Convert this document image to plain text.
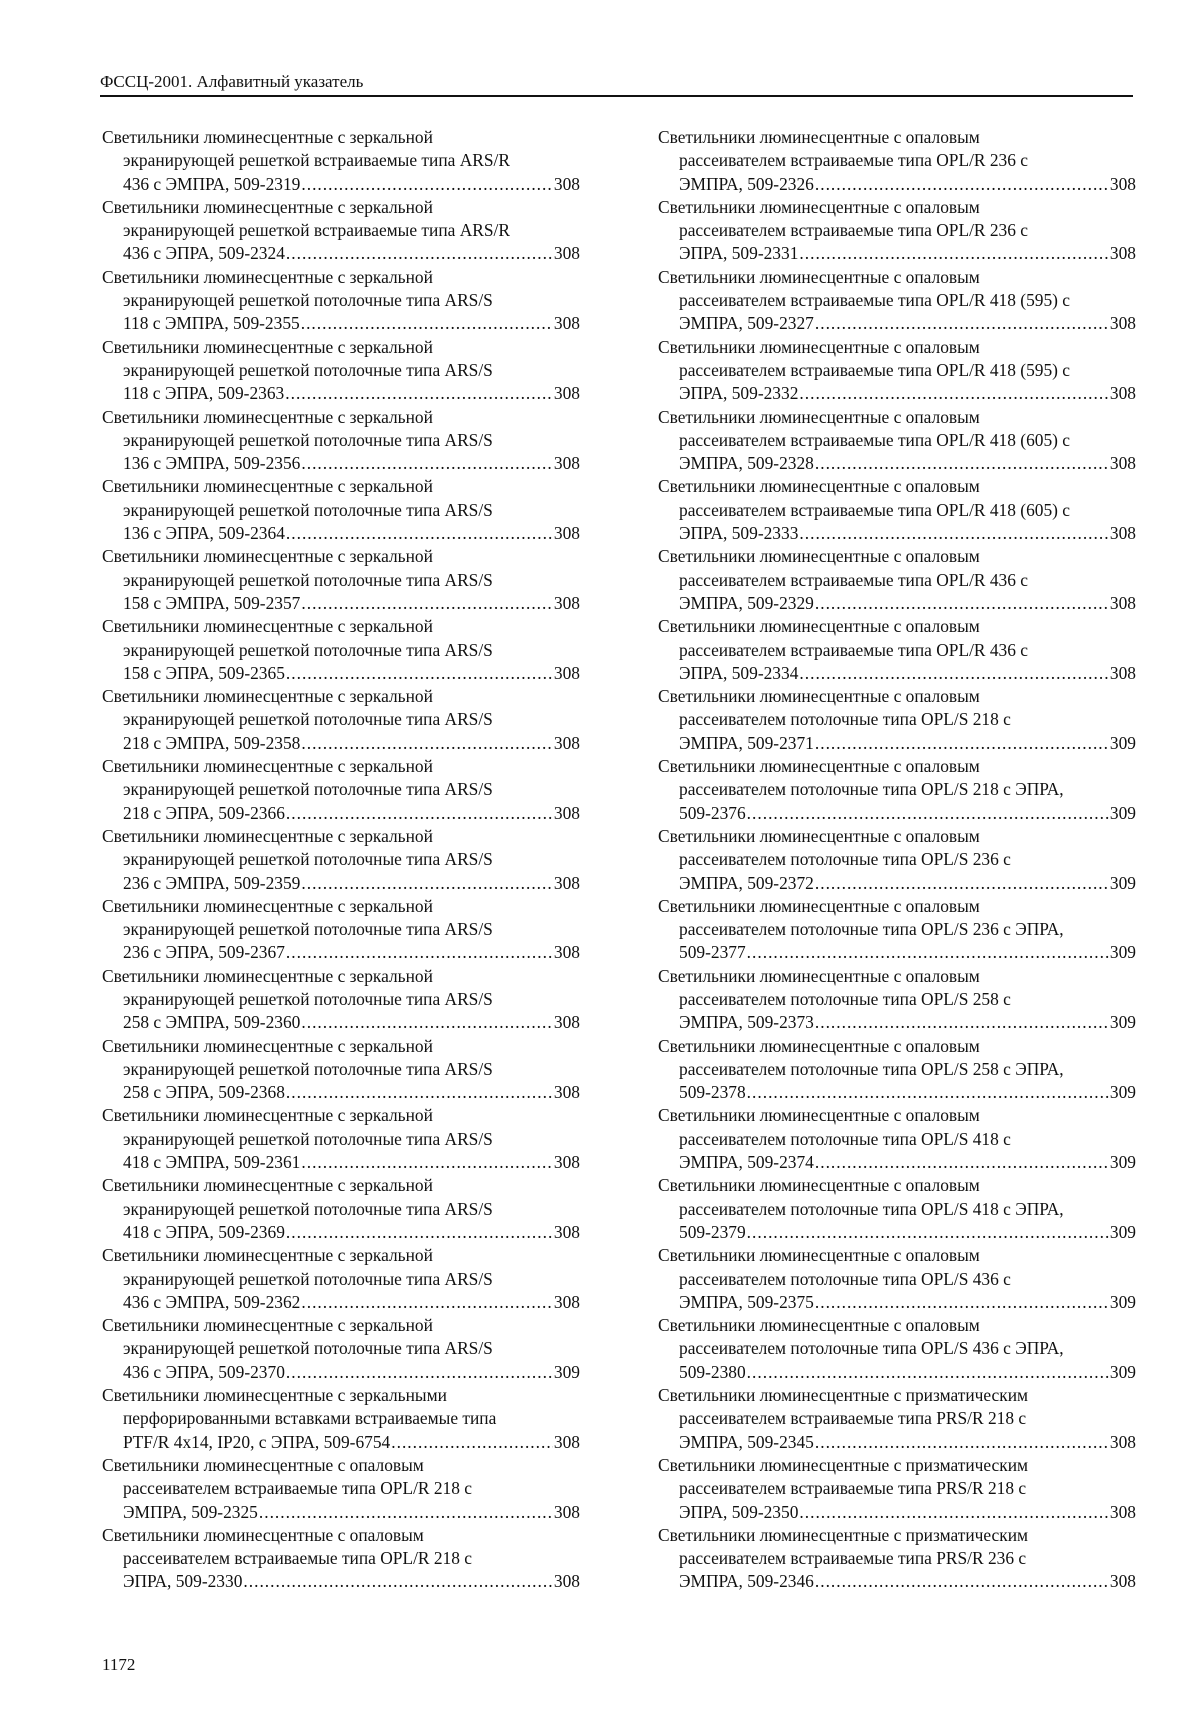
ФССЦ-2001. Алфавитный указатель
Светильники люминесцентные с зеркальной
экранирующей решеткой встраиваемые типа ARS/R
436 с ЭМПРА, 509-2319 .....	308
Светильники люминесцентные с зеркальной
экранирующей решеткой встраиваемые типа ARS/R
436 с ЭПРА, 509-2324 .....	308
Светильники люминесцентные с зеркальной
экранирующей решеткой потолочные типа ARS/S
118 с ЭМПРА, 509-2355 .....	308
Светильники люминесцентные с зеркальной
экранирующей решеткой потолочные типа ARS/S
118 с ЭПРА, 509-2363 .....	308
Светильники люминесцентные с зеркальной
экранирующей решеткой потолочные типа ARS/S
136 с ЭМПРА, 509-2356 .....	308
Светильники люминесцентные с зеркальной
экранирующей решеткой потолочные типа ARS/S
136 с ЭПРА, 509-2364 .....	308
Светильники люминесцентные с зеркальной
экранирующей решеткой потолочные типа ARS/S
158 с ЭМПРА, 509-2357 .....	308
Светильники люминесцентные с зеркальной
экранирующей решеткой потолочные типа ARS/S
158 с ЭПРА, 509-2365 .....	308
Светильники люминесцентные с зеркальной
экранирующей решеткой потолочные типа ARS/S
218 с ЭМПРА, 509-2358 .....	308
Светильники люминесцентные с зеркальной
экранирующей решеткой потолочные типа ARS/S
218 с ЭПРА, 509-2366 .....	308
Светильники люминесцентные с зеркальной
экранирующей решеткой потолочные типа ARS/S
236 с ЭМПРА, 509-2359 .....	308
Светильники люминесцентные с зеркальной
экранирующей решеткой потолочные типа ARS/S
236 с ЭПРА, 509-2367 .....	308
Светильники люминесцентные с зеркальной
экранирующей решеткой потолочные типа ARS/S
258 с ЭМПРА, 509-2360 .....	308
Светильники люминесцентные с зеркальной
экранирующей решеткой потолочные типа ARS/S
258 с ЭПРА, 509-2368 .....	308
Светильники люминесцентные с зеркальной
экранирующей решеткой потолочные типа ARS/S
418 с ЭМПРА, 509-2361 .....	308
Светильники люминесцентные с зеркальной
экранирующей решеткой потолочные типа ARS/S
418 с ЭПРА, 509-2369 .....	308
Светильники люминесцентные с зеркальной
экранирующей решеткой потолочные типа ARS/S
436 с ЭМПРА, 509-2362 .....	308
Светильники люминесцентные с зеркальной
экранирующей решеткой потолочные типа ARS/S
436 с ЭПРА, 509-2370 .....	309
Светильники люминесцентные с зеркальными
перфорированными вставками встраиваемые типа
PTF/R 4x14, IP20, с ЭПРА, 509-6754 .....	308
Светильники люминесцентные с опаловым
рассеивателем встраиваемые типа OPL/R 218 с
ЭМПРА, 509-2325 .....	308
Светильники люминесцентные с опаловым
рассеивателем встраиваемые типа OPL/R 218 с
ЭПРА, 509-2330 .....	308
Светильники люминесцентные с опаловым
рассеивателем встраиваемые типа OPL/R 236 с
ЭМПРА, 509-2326 .....	308
Светильники люминесцентные с опаловым
рассеивателем встраиваемые типа OPL/R 236 с
ЭПРА, 509-2331 .....	308
Светильники люминесцентные с опаловым
рассеивателем встраиваемые типа OPL/R 418 (595) с
ЭМПРА, 509-2327 .....	308
Светильники люминесцентные с опаловым
рассеивателем встраиваемые типа OPL/R 418 (595) с
ЭПРА, 509-2332 .....	308
Светильники люминесцентные с опаловым
рассеивателем встраиваемые типа OPL/R 418 (605) с
ЭМПРА, 509-2328 .....	308
Светильники люминесцентные с опаловым
рассеивателем встраиваемые типа OPL/R 418 (605) с
ЭПРА, 509-2333 .....	308
Светильники люминесцентные с опаловым
рассеивателем встраиваемые типа OPL/R 436 с
ЭМПРА, 509-2329 .....	308
Светильники люминесцентные с опаловым
рассеивателем встраиваемые типа OPL/R 436 с
ЭПРА, 509-2334 .....	308
Светильники люминесцентные с опаловым
рассеивателем потолочные типа OPL/S 218 с
ЭМПРА, 509-2371 .....	309
Светильники люминесцентные с опаловым
рассеивателем потолочные типа OPL/S 218 с ЭПРА,
509-2376 .....	309
Светильники люминесцентные с опаловым
рассеивателем потолочные типа OPL/S 236 с
ЭМПРА, 509-2372 .....	309
Светильники люминесцентные с опаловым
рассеивателем потолочные типа OPL/S 236 с ЭПРА,
509-2377 .....	309
Светильники люминесцентные с опаловым
рассеивателем потолочные типа OPL/S 258 с
ЭМПРА, 509-2373 .....	309
Светильники люминесцентные с опаловым
рассеивателем потолочные типа OPL/S 258 с ЭПРА,
509-2378 .....	309
Светильники люминесцентные с опаловым
рассеивателем потолочные типа OPL/S 418 с
ЭМПРА, 509-2374 .....	309
Светильники люминесцентные с опаловым
рассеивателем потолочные типа OPL/S 418 с ЭПРА,
509-2379 .....	309
Светильники люминесцентные с опаловым
рассеивателем потолочные типа OPL/S 436 с
ЭМПРА, 509-2375 .....	309
Светильники люминесцентные с опаловым
рассеивателем потолочные типа OPL/S 436 с ЭПРА,
509-2380 .....	309
Светильники люминесцентные с призматическим
рассеивателем встраиваемые типа PRS/R 218 с
ЭМПРА, 509-2345 .....	308
Светильники люминесцентные с призматическим
рассеивателем встраиваемые типа PRS/R 218 с
ЭПРА, 509-2350 .....	308
Светильники люминесцентные с призматическим
рассеивателем встраиваемые типа PRS/R 236 с
ЭМПРА, 509-2346 .....	308
1172
